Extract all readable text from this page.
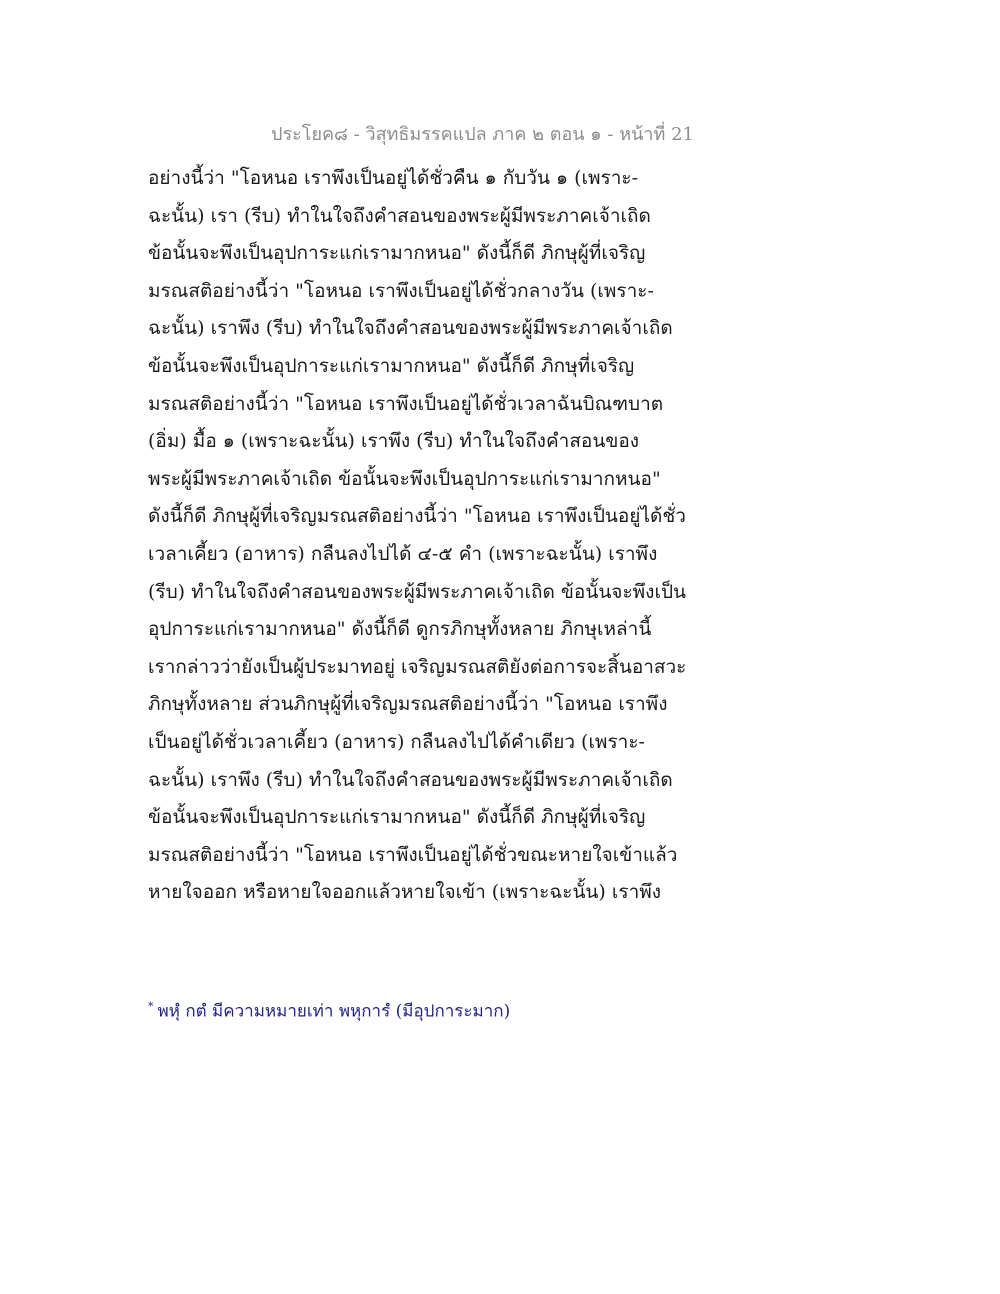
ประโยค๘ - วิสุทธิมรรคแปล ภาค ๒ ตอน ๑ - หน้าที่ 21
อย่างนี้ว่า "โอหนอ เราพึงเป็นอยู่ได้ชั่วคืน ๑ กับวัน ๑ (เพราะ-
ฉะนั้น) เรา (รีบ) ทำในใจถึงคำสอนของพระผู้มีพระภาคเจ้าเถิด
ข้อนั้นจะพึงเป็นอุปการะแก่เรามากหนอ" ดังนี้ก็ดี ภิกษุผู้ที่เจริญ
มรณสติอย่างนี้ว่า "โอหนอ เราพึงเป็นอยู่ได้ชั่วกลางวัน (เพราะ-
ฉะนั้น) เราพึง (รีบ) ทำในใจถึงคำสอนของพระผู้มีพระภาคเจ้าเถิด
ข้อนั้นจะพึงเป็นอุปการะแก่เรามากหนอ" ดังนี้ก็ดี ภิกษุที่เจริญ
มรณสติอย่างนี้ว่า "โอหนอ เราพึงเป็นอยู่ได้ชั่วเวลาฉันบิณฑบาต
(อิ่ม) มื้อ ๑ (เพราะฉะนั้น) เราพึง (รีบ) ทำในใจถึงคำสอนของ
พระผู้มีพระภาคเจ้าเถิด ข้อนั้นจะพึงเป็นอุปการะแก่เรามากหนอ"
ดังนี้ก็ดี ภิกษุผู้ที่เจริญมรณสติอย่างนี้ว่า "โอหนอ เราพึงเป็นอยู่ได้ชั่ว
เวลาเคี้ยว (อาหาร) กลืนลงไปได้ ๔-๕ คำ (เพราะฉะนั้น) เราพึง
(รีบ) ทำในใจถึงคำสอนของพระผู้มีพระภาคเจ้าเถิด ข้อนั้นจะพึงเป็น
อุปการะแก่เรามากหนอ" ดังนี้ก็ดี ดูกรภิกษุทั้งหลาย ภิกษุเหล่านี้
เรากล่าวว่ายังเป็นผู้ประมาทอยู่ เจริญมรณสติยังต่อการจะสิ้นอาสวะ
ภิกษุทั้งหลาย ส่วนภิกษุผู้ที่เจริญมรณสติอย่างนี้ว่า "โอหนอ เราพึง
เป็นอยู่ได้ชั่วเวลาเคี้ยว (อาหาร) กลืนลงไปได้คำเดียว (เพราะ-
ฉะนั้น) เราพึง (รีบ) ทำในใจถึงคำสอนของพระผู้มีพระภาคเจ้าเถิด
ข้อนั้นจะพึงเป็นอุปการะแก่เรามากหนอ" ดังนี้ก็ดี ภิกษุผู้ที่เจริญ
มรณสติอย่างนี้ว่า "โอหนอ เราพึงเป็นอยู่ได้ชั่วขณะหายใจเข้าแล้ว
หายใจออก หรือหายใจออกแล้วหายใจเข้า (เพราะฉะนั้น) เราพึง
* พหุํ กตํ มีความหมายเท่า พหุการํ (มีอุปการะมาก)
